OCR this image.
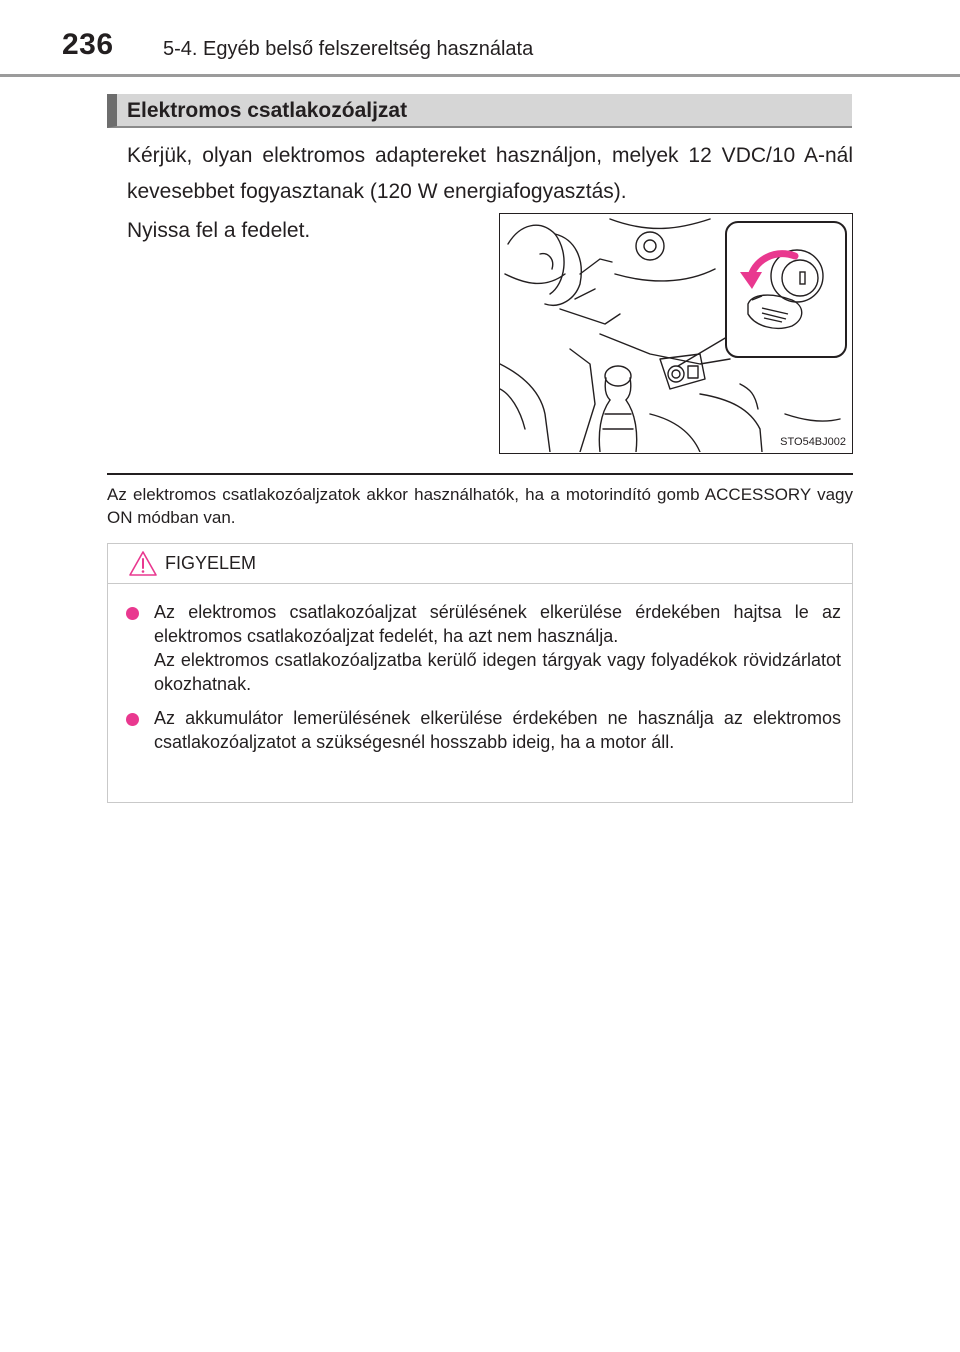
236 5-4. Egyéb belső felszereltség használata
Elektromos csatlakozóaljzat
Kérjük, olyan elektromos adaptereket használjon, melyek 12 VDC/10 A-nál kevesebbet fogyasztanak (120 W energiafogyasztás).
Nyissa fel a fedelet.
STO54BJ002
Az elektromos csatlakozóaljzatok akkor használhatók, ha a motorindító gomb ACCESSORY vagy ON módban van.
FIGYELEM
Az elektromos csatlakozóaljzat sérülésének elkerülése érdekében hajtsa le az elektromos csatlakozóaljzat fedelét, ha azt nem használja.
Az elektromos csatlakozóaljzatba kerülő idegen tárgyak vagy folyadékok rövidzárlatot okozhatnak.
Az akkumulátor lemerülésének elkerülése érdekében ne használja az elektromos csatlakozóaljzatot a szükségesnél hosszabb ideig, ha a motor áll.
